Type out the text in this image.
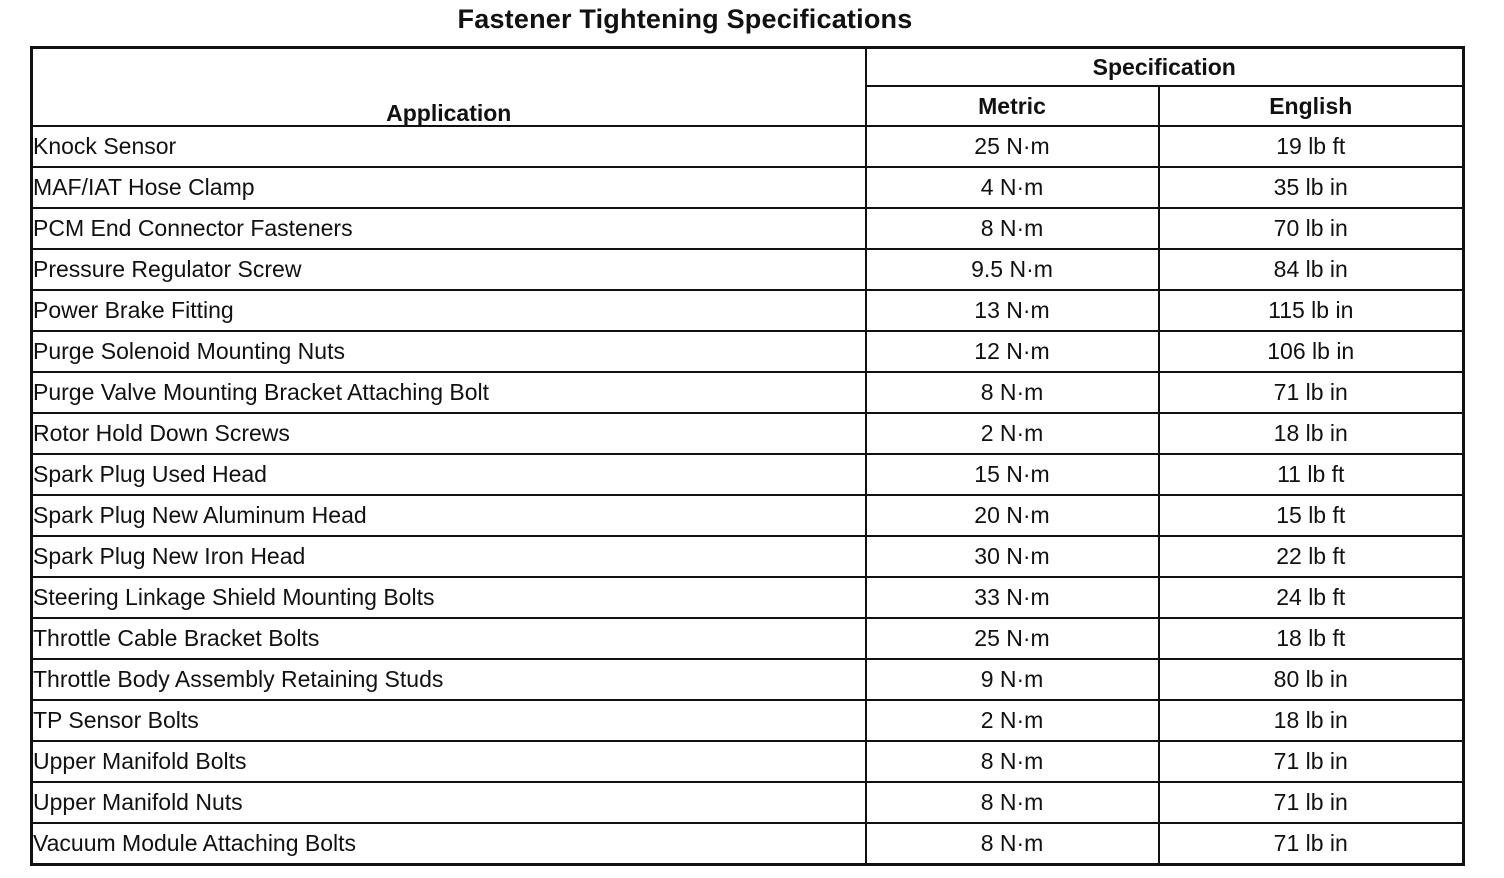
Fastener Tightening Specifications
Application	Specification	
	Metric	English
Knock Sensor	25 N·m	19 lb ft
MAF/IAT Hose Clamp	4 N·m	35 lb in
PCM End Connector Fasteners	8 N·m	70 lb in
Pressure Regulator Screw	9.5 N·m	84 lb in
Power Brake Fitting	13 N·m	115 lb in
Purge Solenoid Mounting Nuts	12 N·m	106 lb in
Purge Valve Mounting Bracket Attaching Bolt	8 N·m	71 lb in
Rotor Hold Down Screws	2 N·m	18 lb in
Spark Plug Used Head	15 N·m	11 lb ft
Spark Plug New Aluminum Head	20 N·m	15 lb ft
Spark Plug New Iron Head	30 N·m	22 lb ft
Steering Linkage Shield Mounting Bolts	33 N·m	24 lb ft
Throttle Cable Bracket Bolts	25 N·m	18 lb ft
Throttle Body Assembly Retaining Studs	9 N·m	80 lb in
TP Sensor Bolts	2 N·m	18 lb in
Upper Manifold Bolts	8 N·m	71 lb in
Upper Manifold Nuts	8 N·m	71 lb in
Vacuum Module Attaching Bolts	8 N·m	71 lb in
